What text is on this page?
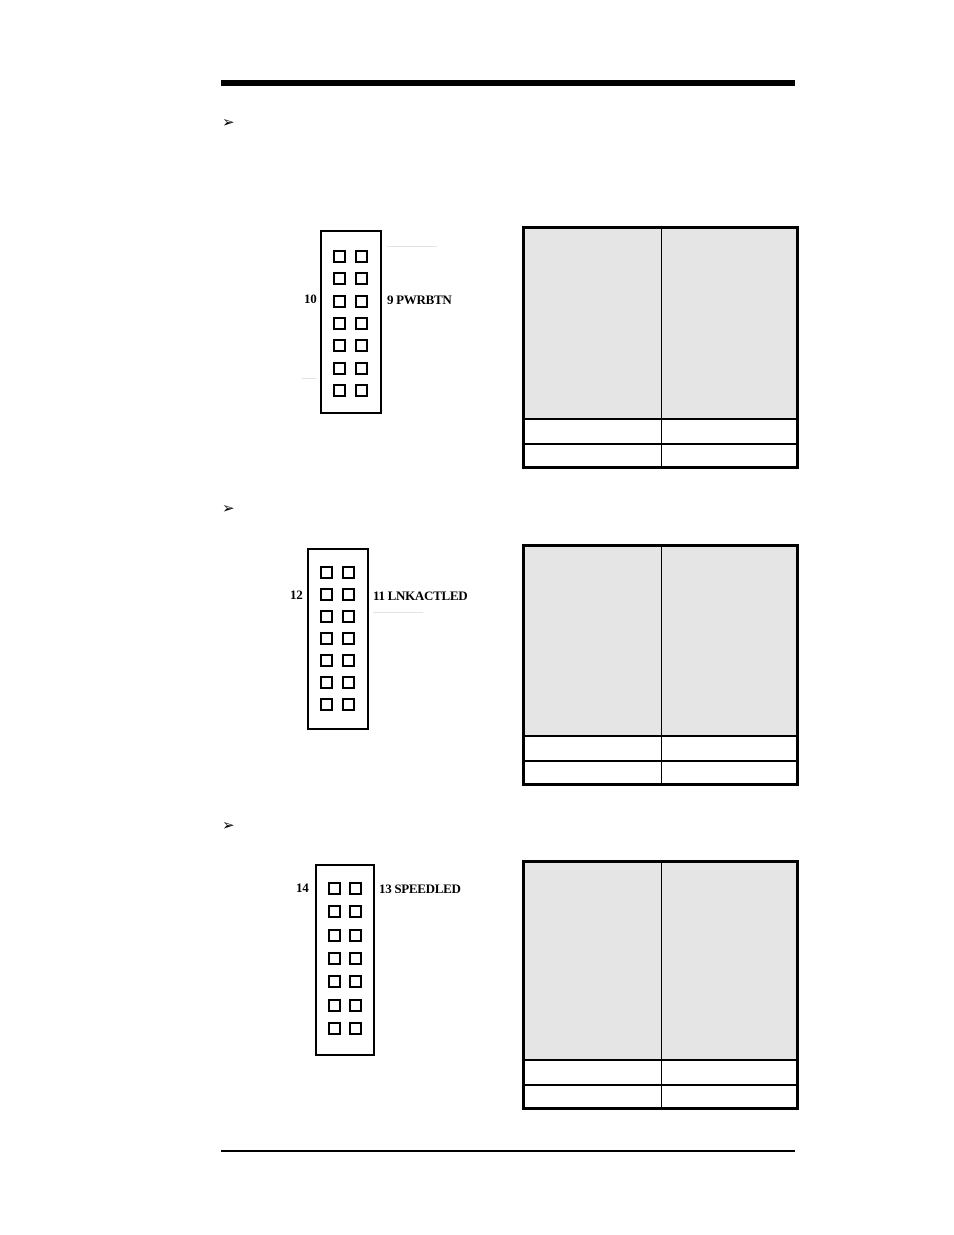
➢
10	9 PWRBTN
➢
12	11 LNKACTLED
➢
14	13 SPEEDLED
